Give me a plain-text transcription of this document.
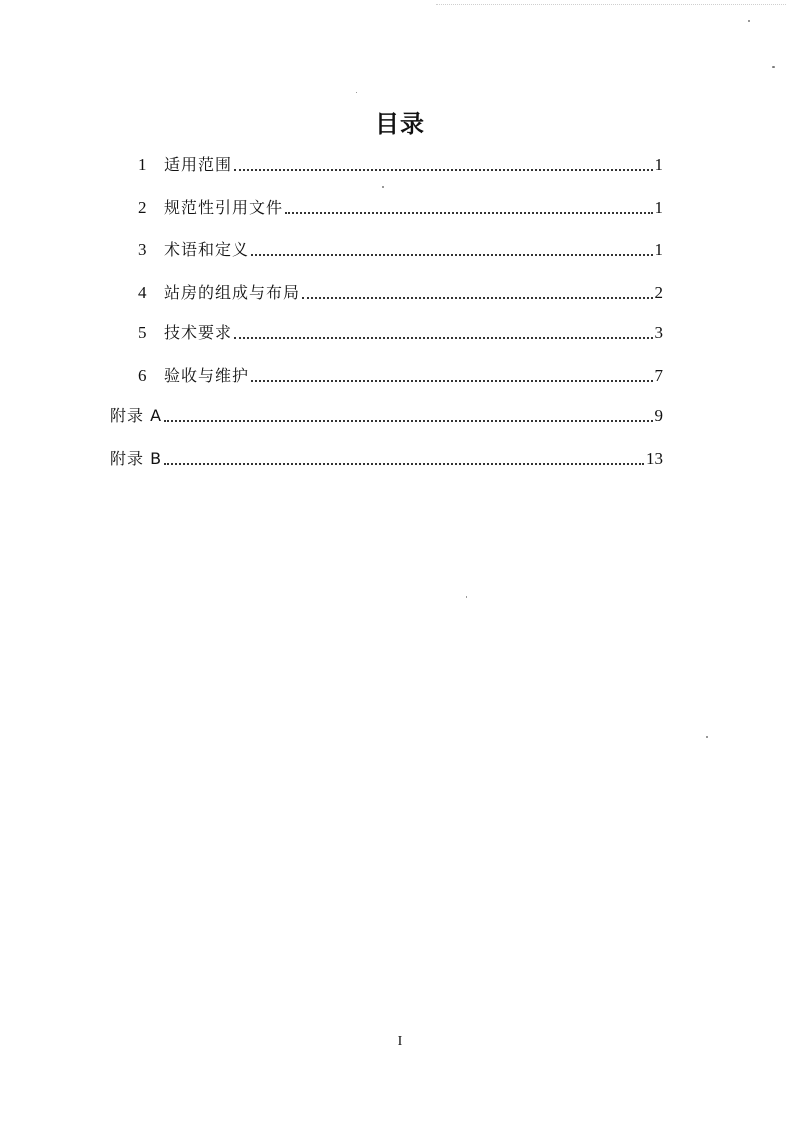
目录
1	适用范围	1
2	规范性引用文件	1
3	术语和定义	1
4	站房的组成与布局	2
5	技术要求	3
6	验收与维护	7
附录 A	9
附录 B	13
I
